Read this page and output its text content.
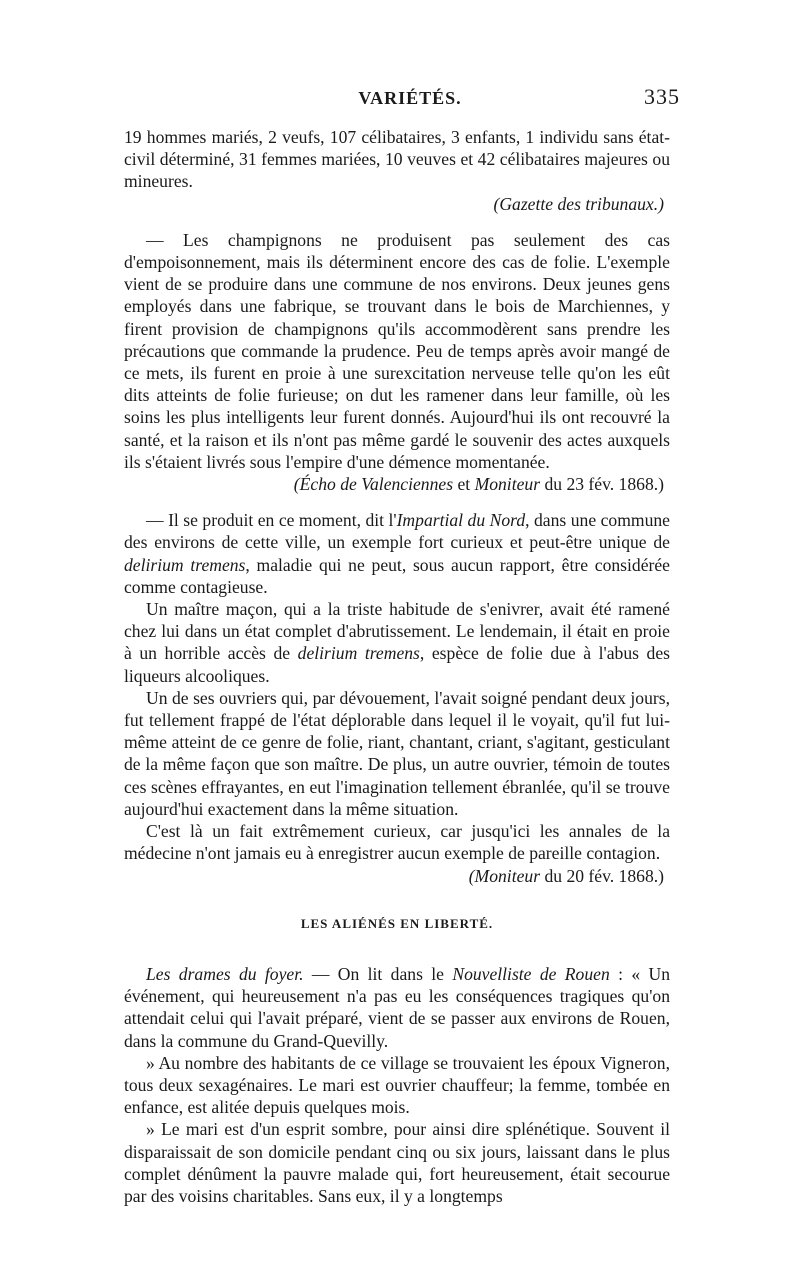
VARIÉTÉS.	335

19 hommes mariés, 2 veufs, 107 célibataires, 3 enfants, 1 individu sans état-civil déterminé, 31 femmes mariées, 10 veuves et 42 célibataires majeures ou mineures.

(Gazette des tribunaux.)

— Les champignons ne produisent pas seulement des cas d'empoisonnement, mais ils déterminent encore des cas de folie. L'exemple vient de se produire dans une commune de nos environs. Deux jeunes gens employés dans une fabrique, se trouvant dans le bois de Marchiennes, y firent provision de champignons qu'ils accommodèrent sans prendre les précautions que commande la prudence. Peu de temps après avoir mangé de ce mets, ils furent en proie à une surexcitation nerveuse telle qu'on les eût dits atteints de folie furieuse; on dut les ramener dans leur famille, où les soins les plus intelligents leur furent donnés. Aujourd'hui ils ont recouvré la santé, et la raison et ils n'ont pas même gardé le souvenir des actes auxquels ils s'étaient livrés sous l'empire d'une démence momentanée.

(Écho de Valenciennes et Moniteur du 23 fév. 1868.)

— Il se produit en ce moment, dit l'Impartial du Nord, dans une commune des environs de cette ville, un exemple fort curieux et peut-être unique de delirium tremens, maladie qui ne peut, sous aucun rapport, être considérée comme contagieuse.

Un maître maçon, qui a la triste habitude de s'enivrer, avait été ramené chez lui dans un état complet d'abrutissement. Le lendemain, il était en proie à un horrible accès de delirium tremens, espèce de folie due à l'abus des liqueurs alcooliques.

Un de ses ouvriers qui, par dévouement, l'avait soigné pendant deux jours, fut tellement frappé de l'état déplorable dans lequel il le voyait, qu'il fut lui-même atteint de ce genre de folie, riant, chantant, criant, s'agitant, gesticulant de la même façon que son maître. De plus, un autre ouvrier, témoin de toutes ces scènes effrayantes, en eut l'imagination tellement ébranlée, qu'il se trouve aujourd'hui exactement dans la même situation.

C'est là un fait extrêmement curieux, car jusqu'ici les annales de la médecine n'ont jamais eu à enregistrer aucun exemple de pareille contagion.

(Moniteur du 20 fév. 1868.)

LES ALIÉNÉS EN LIBERTÉ.

Les drames du foyer. — On lit dans le Nouvelliste de Rouen : « Un événement, qui heureusement n'a pas eu les conséquences tragiques qu'on attendait celui qui l'avait préparé, vient de se passer aux environs de Rouen, dans la commune du Grand-Quevilly.

» Au nombre des habitants de ce village se trouvaient les époux Vigneron, tous deux sexagénaires. Le mari est ouvrier chauffeur; la femme, tombée en enfance, est alitée depuis quelques mois.

» Le mari est d'un esprit sombre, pour ainsi dire splénétique. Souvent il disparaissait de son domicile pendant cinq ou six jours, laissant dans le plus complet dénûment la pauvre malade qui, fort heureusement, était secourue par des voisins charitables. Sans eux, il y a longtemps
